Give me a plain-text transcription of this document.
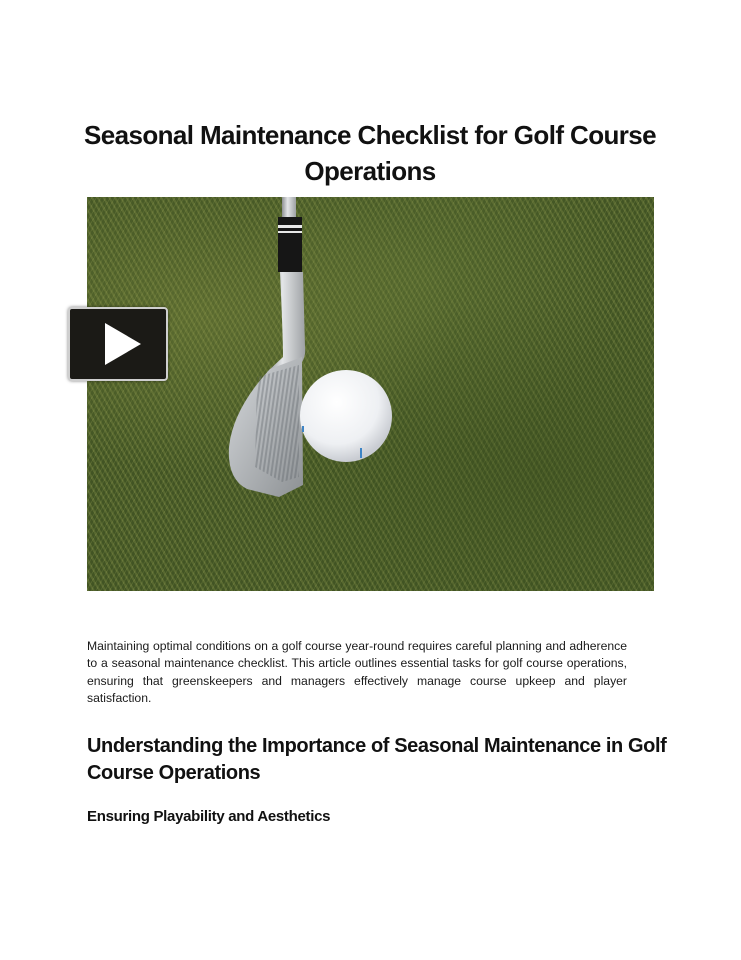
Seasonal Maintenance Checklist for Golf Course Operations

Maintaining optimal conditions on a golf course year-round requires careful planning and adherence to a seasonal maintenance checklist. This article outlines essential tasks for golf course operations, ensuring that greenskeepers and managers effectively manage course upkeep and player satisfaction.

Understanding the Importance of Seasonal Maintenance in Golf Course Operations
Ensuring Playability and Aesthetics
